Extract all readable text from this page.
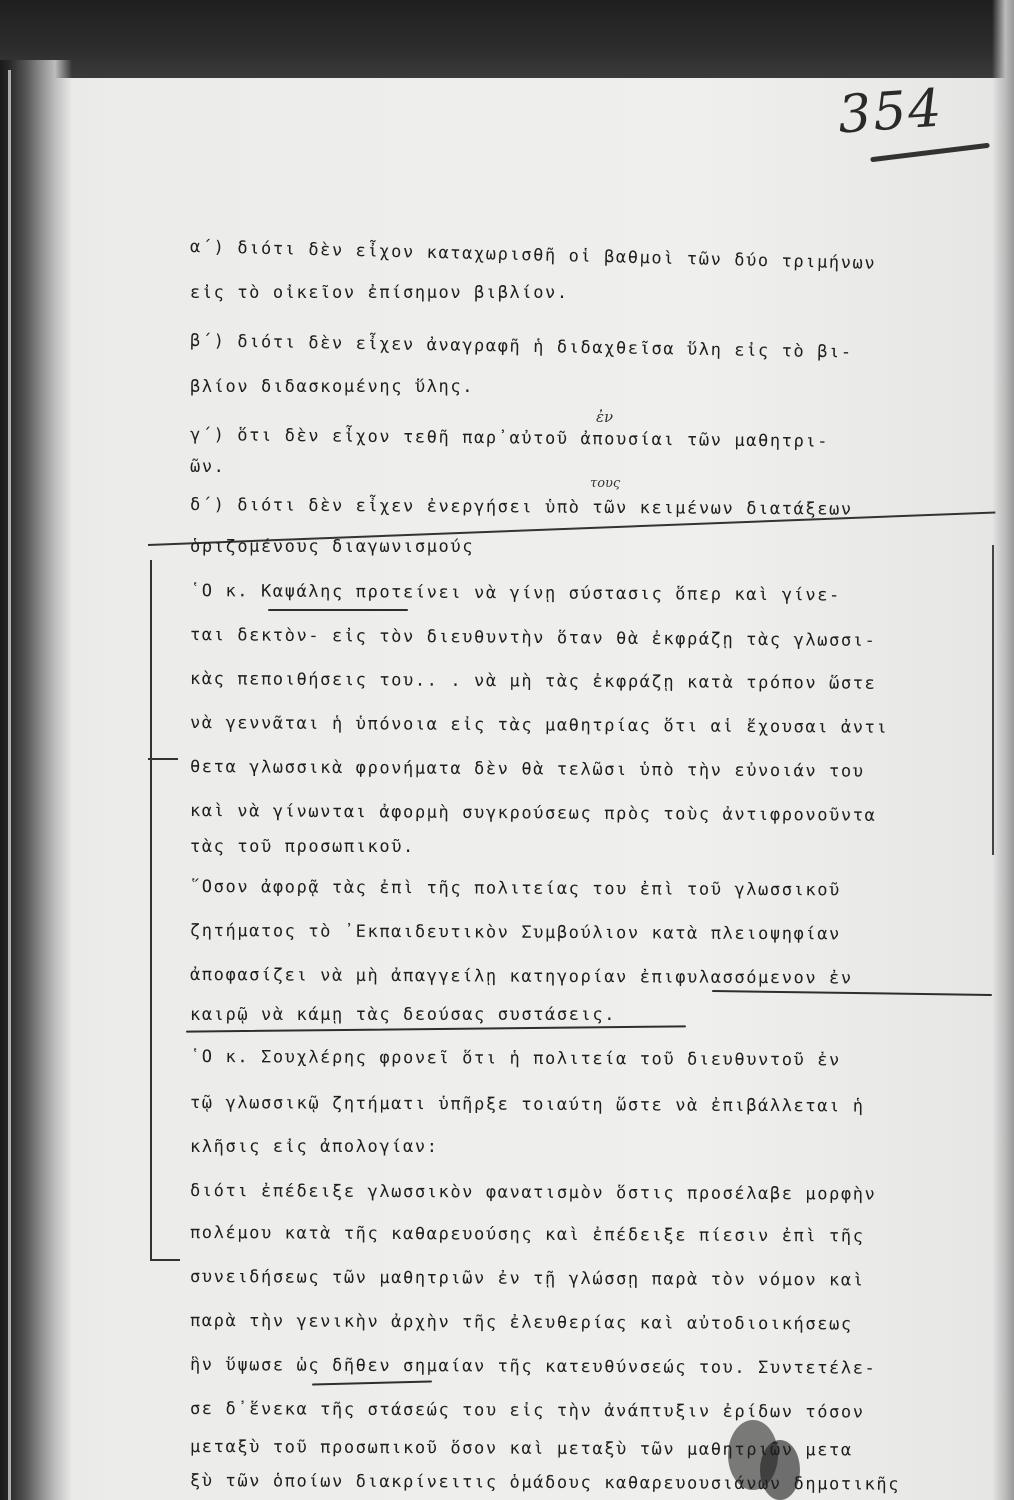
354
ἐν
τους
α΄) διότι δὲν εἶχον καταχωρισθῆ οἱ βαθμοὶ τῶν δύο τριμήνων
εἰς τὸ οἰκεῖον ἐπίσημον βιβλίον.
β΄) διότι δὲν εἶχεν ἀναγραφῆ ἡ διδαχθεῖσα ὕλη εἰς τὸ βι-
βλίον διδασκομένης ὕλης.
γ΄) ὅτι δὲν εἶχον τεθῆ παρ᾽αὐτοῦ ἀπουσίαι τῶν μαθητρι-
ῶν.
δ΄) διότι δὲν εἶχεν ἐνεργήσει ὑπὸ τῶν κειμένων διατάξεων
ὁριζομένους διαγωνισμούς
῾Ο κ. Καψάλης προτείνει νὰ γίνῃ σύστασις ὅπερ καὶ γίνε-
ται δεκτὸν- εἰς τὸν διευθυντὴν ὅταν θὰ ἐκφράζῃ τὰς γλωσσι-
κὰς πεποιθήσεις του.. . νὰ μὴ τὰς ἐκφράζῃ κατὰ τρόπον ὥστε
νὰ γεννᾶται ἡ ὑπόνοια εἰς τὰς μαθητρίας ὅτι αἱ ἔχουσαι ἀντι
θετα γλωσσικὰ φρονήματα δὲν θὰ τελῶσι ὑπὸ τὴν εὐνοιάν του
καὶ νὰ γίνωνται ἀφορμὴ συγκρούσεως πρὸς τοὺς ἀντιφρονοῦντα
τὰς τοῦ προσωπικοῦ.
῞Οσον ἀφορᾷ τὰς ἐπὶ τῆς πολιτείας του ἐπὶ τοῦ γλωσσικοῦ
ζητήματος τὸ ᾽Εκπαιδευτικὸν Συμβούλιον κατὰ πλειοψηφίαν
ἀποφασίζει νὰ μὴ ἀπαγγείλῃ κατηγορίαν ἐπιφυλασσόμενον ἐν
καιρῷ νὰ κάμῃ τὰς δεούσας συστάσεις.
῾Ο κ. Σουχλέρης φρονεῖ ὅτι ἡ πολιτεία τοῦ διευθυντοῦ ἐν
τῷ γλωσσικῷ ζητήματι ὑπῆρξε τοιαύτη ὥστε νὰ ἐπιβάλλεται ἡ
κλῆσις εἰς ἀπολογίαν:
διότι ἐπέδειξε γλωσσικὸν φανατισμὸν ὅστις προσέλαβε μορφὴν
πολέμου κατὰ τῆς καθαρευούσης καὶ ἐπέδειξε πίεσιν ἐπὶ τῆς
συνειδήσεως τῶν μαθητριῶν ἐν τῇ γλώσσῃ παρὰ τὸν νόμον καὶ
παρὰ τὴν γενικὴν ἀρχὴν τῆς ἐλευθερίας καὶ αὐτοδιοικήσεως
ἣν ὕψωσε ὡς δῆθεν σημαίαν τῆς κατευθύνσεώς του. Συντετέλε-
σε δ᾽ἕνεκα τῆς στάσεώς του εἰς τὴν ἀνάπτυξιν ἐρίδων τόσον
μεταξὺ τοῦ προσωπικοῦ ὅσον καὶ μεταξὺ τῶν μαθητριῶν μετα
ξὺ τῶν ὁποίων διακρίνειτις ὁμάδους καθαρευουσιάνων δημοτικῆς
